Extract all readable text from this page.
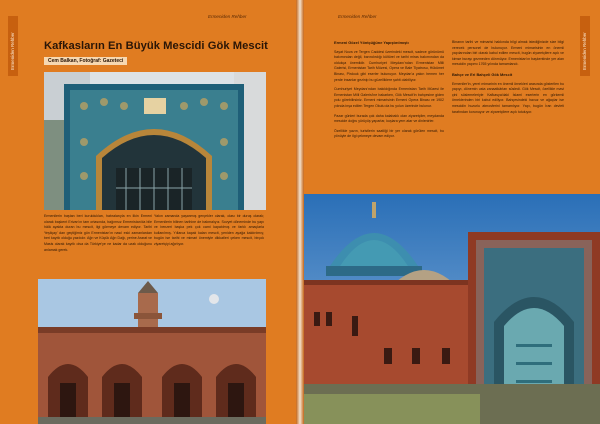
Ermeniden Rehber
Ermeniden Rehber	Kafkasların En Büyük Mescidi Gök Mescit
Cem Balkan, Fotoğraf: Gazeteci

Ermenilerin baştan beri kuruldukları, hatıralarıyla en ilkin Ermeni olarak başkent Erivan'ın tam ortasında, bağımsız Ermenistan'da bile hâlâ ayakta duran bu mescit, ilgi görmeye devam ediyor. Tarihi Yeşilçay' dan geçtiğimiz gün Ermenistan'ın nasıl eski zamanlardan beri kayıtlı olduğu yazılıdır. Ağrı ve Küçük Ağrı Dağı, yerine Ararat ve Masis olarak kayıtlı olsa da Türkiye'ye ne kadar da uzak olduğunu anlamak gerek.

Yakın zamanda yaşanmış gerçekler olarak, olası bir duruş olarak; Ermenilerin bilinen tarihine de bakmalıyız. Sovyet döneminde bu yapı ve benzeri başka pek çok cami kapatılmış ve farklı amaçlarla kullanılmış. Yıllarca kapalı kalan mescit, yeniden ayağa kaldırılmış; bugün ise tarihi ve mimari önemiyle dikkatleri çeken mescit, birçok ziyaretçiyi ağırlıyor.

Ermeniden Rehber
Ermeniden Rehber
Ermeni Gözel Yöntçüğüne Yapıştırılmıştı

Sayat Nova ve Tergen Caddesi üzerindeki mescit, sadece görünümü bakımından değil, barındırdığı kültürel ve tarihi miras bakımından da oldukça önemlidir. Cumhuriyet Meydanı'ndan Ermenistan Milli Galerisi, Ermenistan Tarih Müzesi, Opera ve Bale Tiyatrosu, Hükümet Binası, Pirdouk gibi eserler bulunuyor. Meydan'a yakın hemen her yerde insanlar gezinip bu güzelliklere şahit olabiliyor.

Cumhuriyet Meydanı'ndan bakıldığında Ermenistan Tarih Müzesi ile Ermenistan Milli Galerisi'ne bakarken, Gök Mescit'in bahçesine giden yolu görebilirsiniz. Ermeni mimarisinin Ermeni Opera Binası ve 1902 yılında inşa edilen Tergen Okulu da bu yolun üzerinde bulunur.

Pazar günleri burada çok daha kalabalık olan ziyaretçiler, meydanda mescide doğru yürüyüş yaparlar, kuşlara yem atar ve dinlenirler.

Özellikle yazın, turistlerin saatliği bir yer olarak görülen mescit, bu yönüyle de ilgi çekmeye devam ediyor.

Binanın tarihi ve mimarisi hakkında bilgi almak istediğinizde size bilgi verecek personel de bulunuyor. Ermeni mimarisinin en önemli yapılarından biri olarak kabul edilen mescit, bugün ziyaretçilere açık ve kimse burayı gezmeden dönmüyor. Ermenistan'ın başkentinde yer alan mescidin yapımı 1765 yılında tamamlandı.

Bahçe ve Eri Bahçeli Gök Mescit

Ermeniler'in, yerel mimarinin en önemli örnekleri arasında gösterilen bu yapıyı, dönemin usta zanaatkârları süsledi. Gök Mescit, özellikle mavi çini süslemeleriyle Kafkasya'daki İslami eserlerin en görkemli örneklerinden biri kabul ediliyor. Bahçesindeki havuz ve ağaçlar ise mescidin huzurlu atmosferini tamamlıyor. Yapı, bugün İran devleti tarafından korunuyor ve ziyaretçilere açık tutuluyor.
